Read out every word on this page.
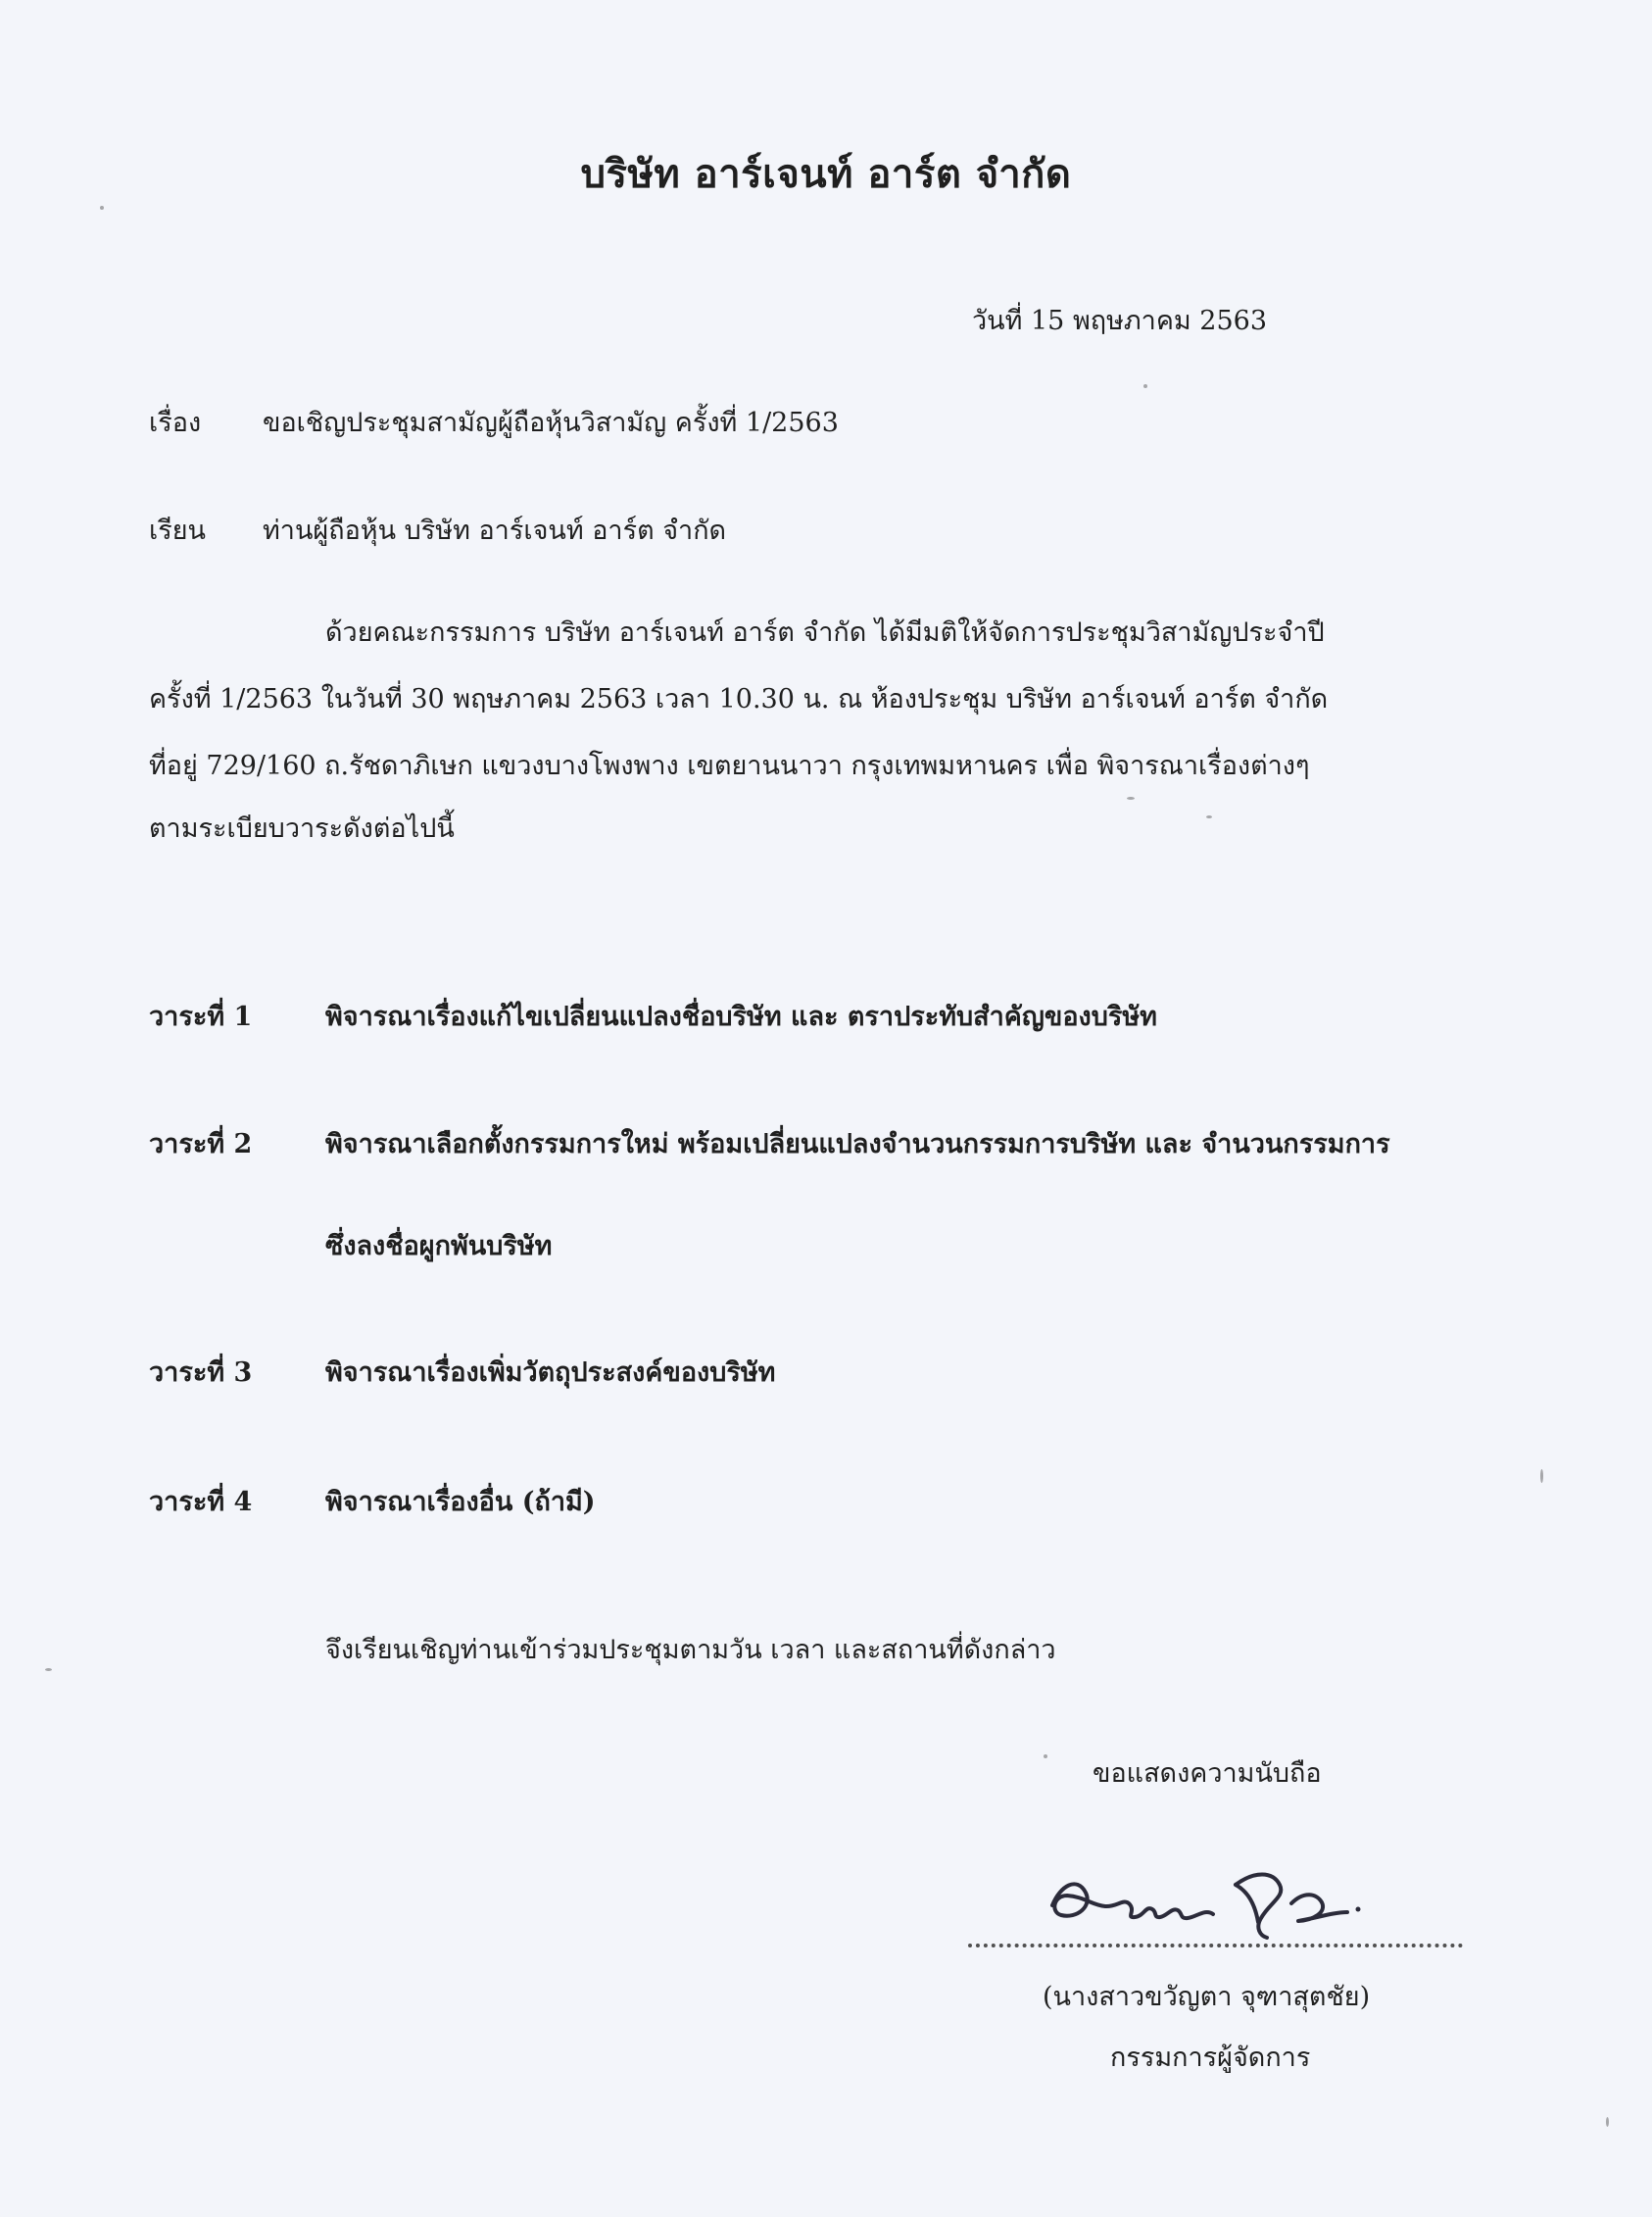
บริษัท อาร์เจนท์ อาร์ต จำกัด
วันที่ 15 พฤษภาคม 2563
เรื่อง ขอเชิญประชุมสามัญผู้ถือหุ้นวิสามัญ ครั้งที่ 1/2563
เรียน ท่านผู้ถือหุ้น บริษัท อาร์เจนท์ อาร์ต จำกัด
ด้วยคณะกรรมการ บริษัท อาร์เจนท์ อาร์ต จำกัด ได้มีมติให้จัดการประชุมวิสามัญประจำปี
ครั้งที่ 1/2563 ในวันที่ 30 พฤษภาคม 2563 เวลา 10.30 น. ณ ห้องประชุม บริษัท อาร์เจนท์ อาร์ต จำกัด
ที่อยู่ 729/160 ถ.รัชดาภิเษก แขวงบางโพงพาง เขตยานนาวา กรุงเทพมหานคร เพื่อ พิจารณาเรื่องต่างๆ
ตามระเบียบวาระดังต่อไปนี้
วาระที่ 1	พิจารณาเรื่องแก้ไขเปลี่ยนแปลงชื่อบริษัท และ ตราประทับสำคัญของบริษัท
วาระที่ 2	พิจารณาเลือกตั้งกรรมการใหม่ พร้อมเปลี่ยนแปลงจำนวนกรรมการบริษัท และ จำนวนกรรมการ
ซึ่งลงชื่อผูกพันบริษัท
วาระที่ 3	พิจารณาเรื่องเพิ่มวัตถุประสงค์ของบริษัท
วาระที่ 4	พิจารณาเรื่องอื่น (ถ้ามี)
จึงเรียนเชิญท่านเข้าร่วมประชุมตามวัน เวลา และสถานที่ดังกล่าว
ขอแสดงความนับถือ
(นางสาวขวัญตา จุฑาสุตชัย)
กรรมการผู้จัดการ
